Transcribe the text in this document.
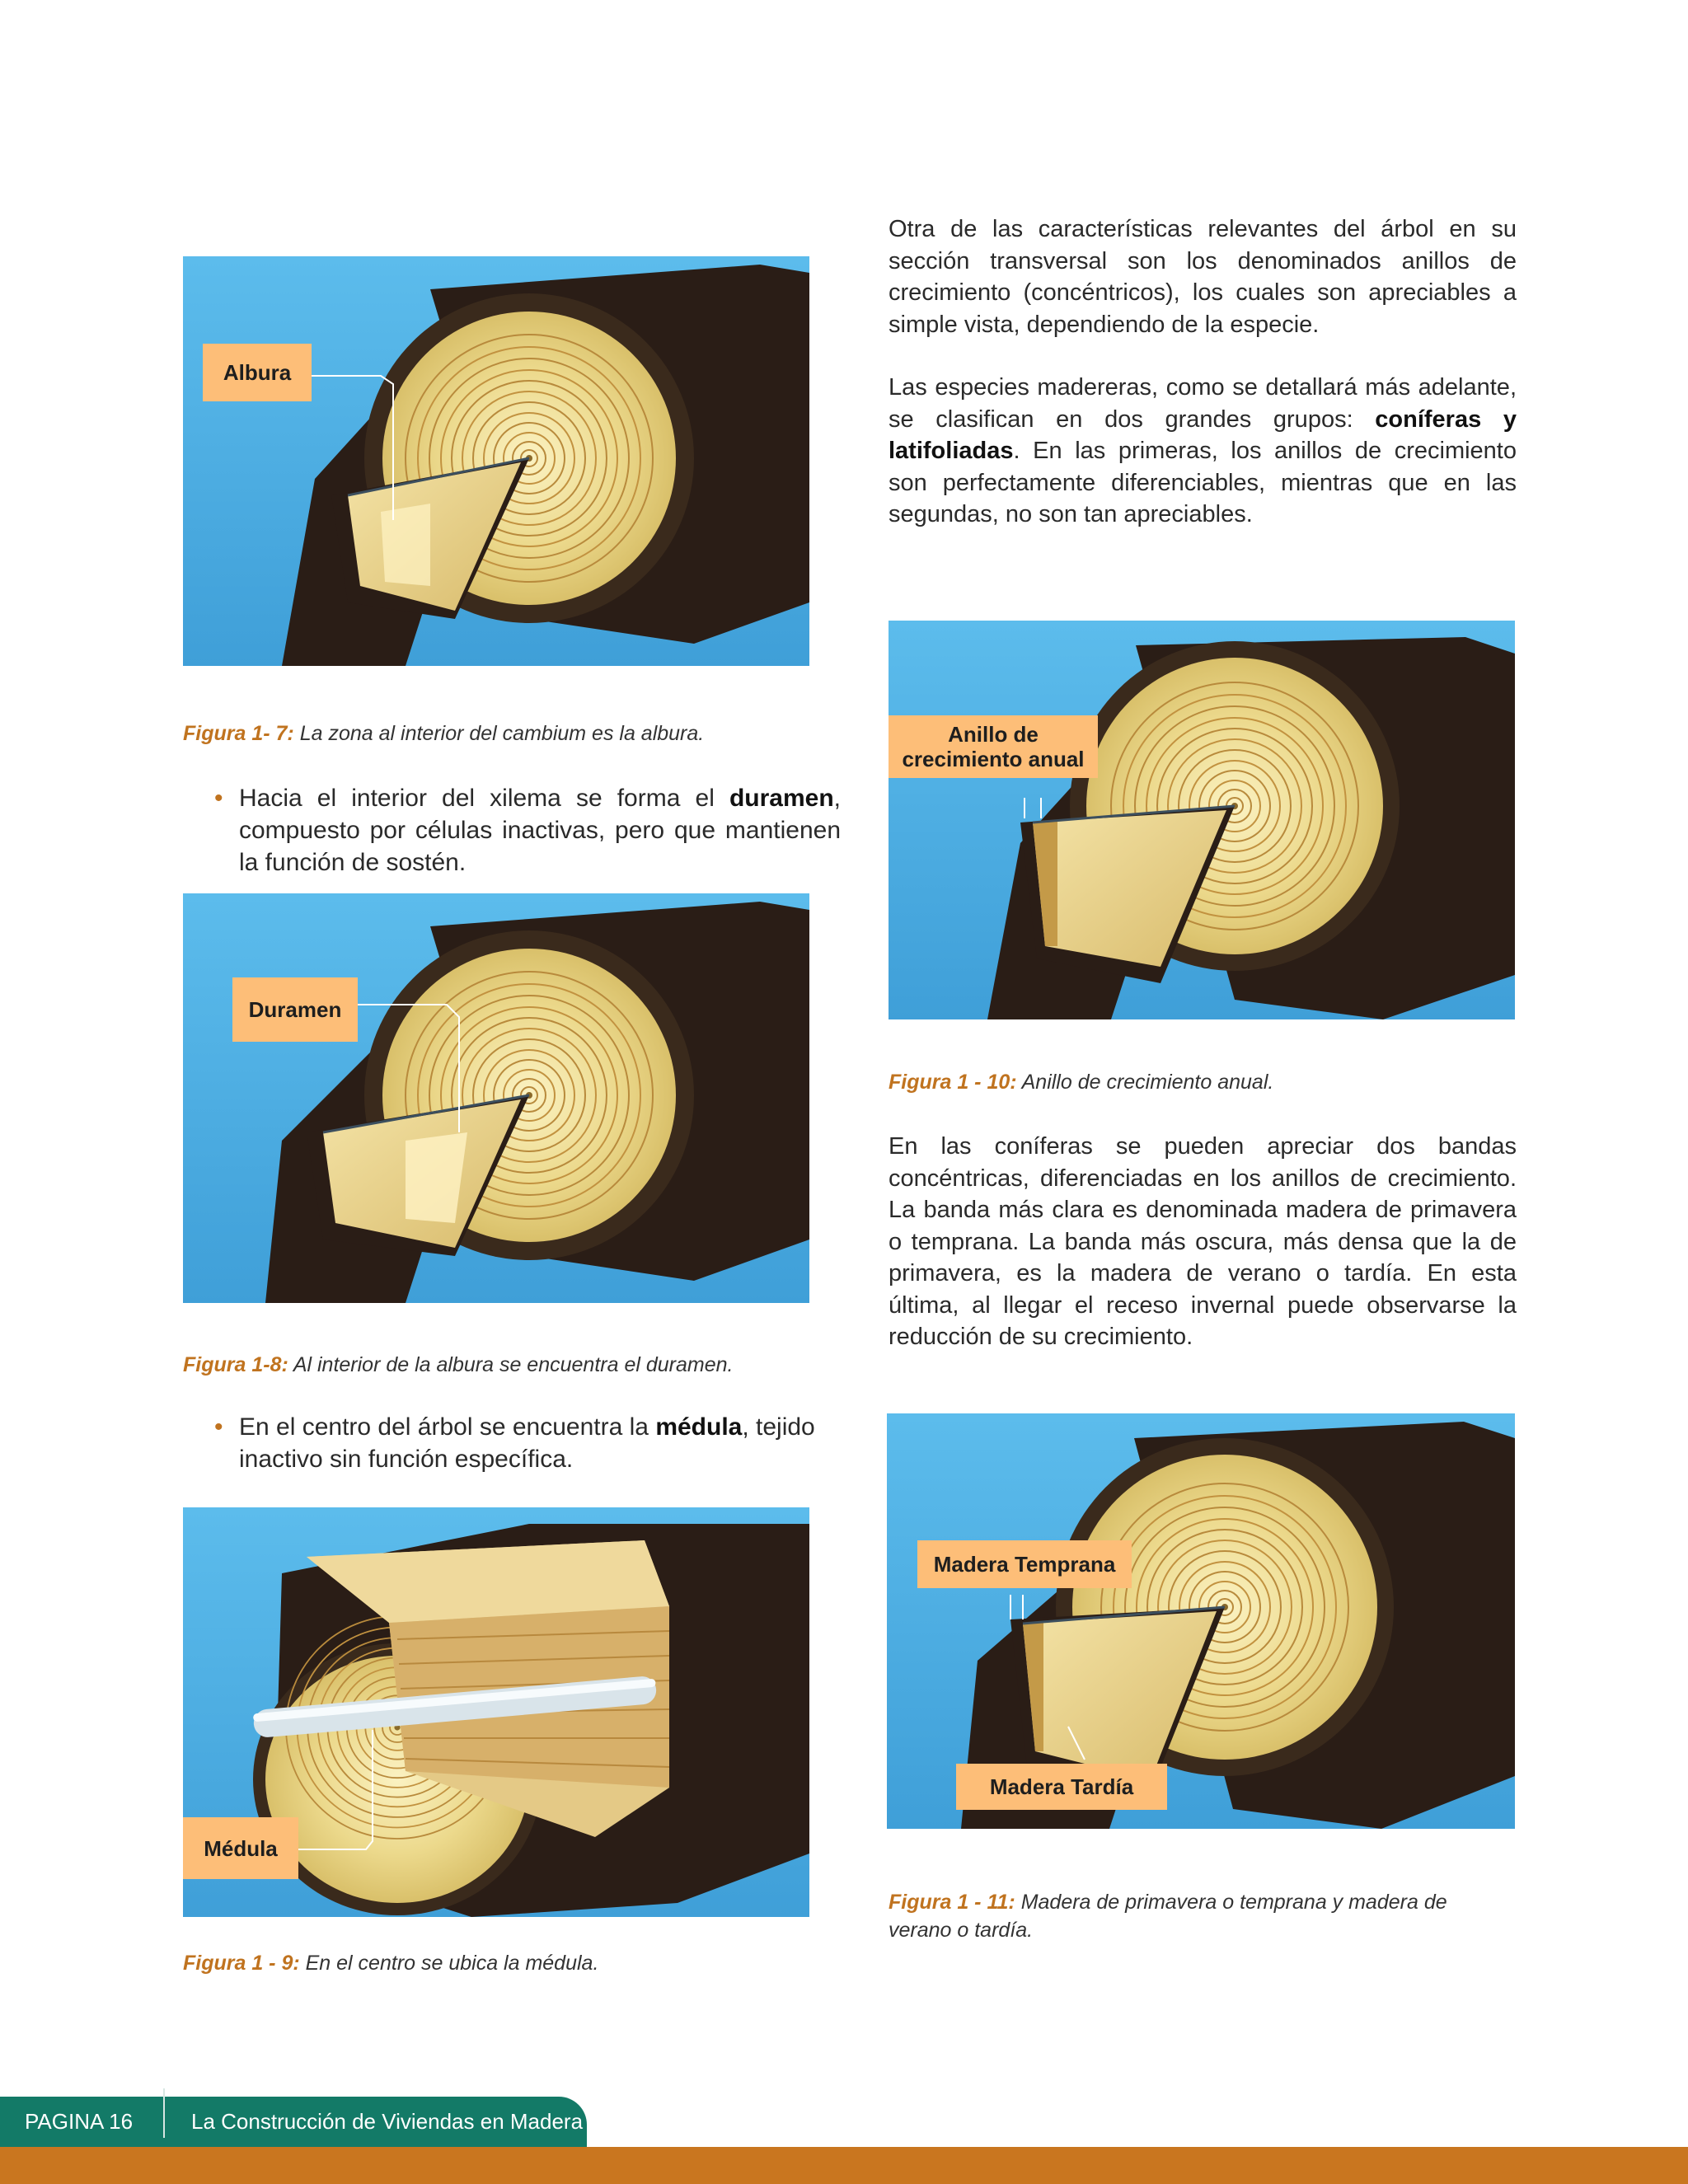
Otra de las características relevantes del árbol en su sección transversal son los denominados anillos de crecimiento (concéntricos), los cuales son apreciables a simple vista, dependiendo de la especie.

Las especies madereras, como se detallará más adelante, se clasifican en dos grandes grupos: coníferas y latifoliadas. En las primeras, los anillos de crecimiento son perfectamente diferenciables, mientras que en las segundas, no son tan apreciables.

Albura

Figura 1- 7: La zona al interior del cambium es la albura.

• Hacia el interior del xilema se forma el duramen, compuesto por células inactivas, pero que mantienen la función de sostén.

Duramen

Figura 1-8: Al interior de la albura se encuentra el duramen.

• En el centro del árbol se encuentra la médula, tejido inactivo sin función específica.

Médula

Figura 1 - 9: En el centro se ubica la médula.

Anillo de crecimiento anual

Figura 1 - 10: Anillo de crecimiento anual.

En las coníferas se pueden apreciar dos bandas concéntricas, diferenciadas en los anillos de crecimiento. La banda más clara es denominada madera de primavera o temprana. La banda más oscura, más densa que la de primavera, es la madera de verano o tardía. En esta última, al llegar el receso invernal puede observarse la reducción de su crecimiento.

Madera Temprana
Madera Tardía

Figura 1 - 11: Madera de primavera o temprana y madera de verano o tardía.

PAGINA 16	La Construcción de Viviendas en Madera
